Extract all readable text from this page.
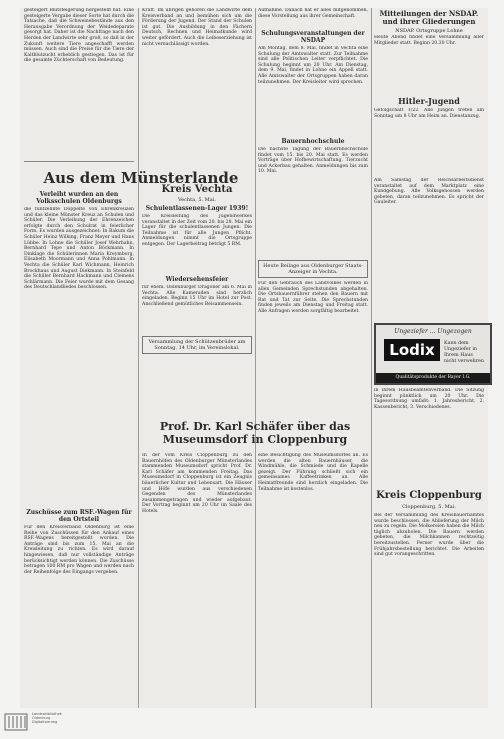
gesteigert Blutsteigerung hergestellt hat. Eine gesteigerte Vergabe dieser Sorte hat durch die Tatsache, daß die Schweinebestände aus den Herausgabe Verordnung der Weidedeparate gesorgt hat. Daher ist die Nachfrage nach den Herden der Landwirte sehr groß, so daß in der Zukunft weitere Tiere angeschafft werden müssen. Auch sind die Preise für die Tiere der Kaltblutzucht erheblich gestiegen. Das ist für die gesamte Züchterschaft von Bedeutung.

Aus dem Münsterlande
Verleiht wurden an den Volksschulen Oldenburgs

die fünfzehnte Doppelte von Ehrenkreuzen und das kleine Münster Kreuz an Schulen und Schüler. Die Verleihung der Ehrenzeichen erfolgte durch den Schulrat in feierlicher Form. Es wurden ausgezeichnet: In Bakum die Schüler Heinz Wilking, Franz Meyer und Hans Lübbe. In Lohne die Schüler Josef Wehrhahn, Bernhard Tepe und Anton Böckmann. In Dinklage die Schülerinnen Maria Kreymborg, Elisabeth Moormann und Anna Pohlmann. In Vechta die Schüler Karl Wichmann, Heinrich Brockhaus und August Diekmann. In Steinfeld die Schüler Bernhard Hackmann und Clemens Schlärmann. Die Feier wurde mit dem Gesang des Deutschlandliedes beschlossen.

Zuschüsse zum RSF.-Wagen für den Ortsteil

Für den Kreisverband Oldenburg ist eine Reihe von Zuschüssen für den Ankauf eines RSF.-Wagens bereitgestellt worden. Die Anträge sind bis zum 15. Mai an die Kreisleitung zu richten. Es wird darauf hingewiesen, daß nur vollständige Anträge berücksichtigt werden können. Die Zuschüsse betragen 100 RM pro Wagen und werden nach der Reihenfolge des Eingangs vergeben.

Kraft. Im übrigen gehören die Landwirte dem Kreisverband an und bemühen sich um die Förderung der Jugend. Der Stand der Schulen ist gut. Die Ausbildung in den Fächern Deutsch, Rechnen und Heimatkunde wird weiter gefördert. Auch die Leibeserziehung ist nicht vernachlässigt worden.

Kreis Vechta
Vechta, 5. Mai.
Schulentlassenen-Lager 1939!

Die Kreisleitung des Jugendwerkes veranstaltet in der Zeit vom 20. bis 28. Mai ein Lager für die schulentlassenen Jungen. Die Teilnahme ist für alle Jungen Pflicht. Anmeldungen nimmt die Ortsgruppe entgegen. Der Lagerbeitrag beträgt 5 RM.

Wiedersehensfeier

für ehem. Oldenburger Dragoner am 6. Mai in Vechta. Alle Kameraden sind herzlich eingeladen. Beginn 15 Uhr im Hotel zur Post. Anschließend gemütliches Beisammensein.

Versammlung der Schützenbrüder am Sonntag, 14 Uhr, im Vereinslokal.
Prof. Dr. Karl Schäfer über das Museumsdorf in Cloppenburg

In der vom Kreis Cloppenburg zu den Bauernhöfen des Oldenburger Münsterlandes stammenden Museumsdorf spricht Prof. Dr. Karl Schäfer am kommenden Freitag. Das Museumsdorf in Cloppenburg ist ein Zeugnis bäuerlicher Kultur und Lebensart. Die Häuser und Höfe wurden aus verschiedenen Gegenden des Münsterlandes zusammengetragen und wieder aufgebaut. Der Vortrag beginnt um 20 Uhr im Saale des Hotels.

Aufnahme. Danach hat er alles mitgenommen, diese Vorstellung aus ihrer Gemeinschaft.

Schulungsveranstaltungen der NSDAP

Am Montag, dem 8. Mai, findet in Vechta eine Schulung der Amtswalter statt. Zur Teilnahme sind alle Politischen Leiter verpflichtet. Die Schulung beginnt um 20 Uhr. Am Dienstag, dem 9. Mai, findet in Lohne ein Appell statt. Alle Amtswalter der Ortsgruppen haben daran teilzunehmen. Der Kreisleiter wird sprechen.

Bauernhochschule

Die nächste Tagung der Bauernhochschule findet vom 15. bis 20. Mai statt. Es werden Vorträge über Hofbewirtschaftung, Tierzucht und Ackerbau gehalten. Anmeldungen bis zum 10. Mai.

Heute Beilage aus Oldenburger Staats-Anzeiger in Vechta.

Für den Gebrauch des Landvolkes werden in allen Gemeinden Sprechstunden abgehalten. Die Ortsbauernführer stehen den Bauern mit Rat und Tat zur Seite. Die Sprechstunden finden jeweils am Dienstag und Freitag statt. Alle Anfragen werden sorgfältig bearbeitet.

eine Besichtigung des Museumsdorfes an. Es werden die alten Bauernhäuser, die Windmühle, die Schmiede und die Kapelle gezeigt. Der Führung schließt sich ein gemeinsames Kaffeetrinken an. Alle Heimatfreunde sind herzlich eingeladen. Die Teilnahme ist kostenlos.

Mitteilungen der NSDAP. und ihrer Gliederungen
NSDAP. Ortsgruppe Lohne

Heute Abend findet eine Versammlung aller Mitglieder statt. Beginn 20.30 Uhr.

Hitler-Jugend

Gefolgschaft 1/22. Alle Jungen treten am Sonntag um 8 Uhr am Heim an. Dienstanzug.

Am Samstag der Reichsarbeitsdienst veranstaltet auf dem Marktplatz eine Kundgebung. Alle Volksgenossen werden gebeten, daran teilzunehmen. Es spricht der Gauleiter.

Ungeziefer ... Ungezogen
Lodix	Kann dem Ungeziefer in Ihrem Haus nicht verwehren
Qualitätsprodukte der Bayer I.G.

in ihrem Hausbeamtenverband. Die Sitzung beginnt pünktlich um 20 Uhr. Die Tagesordnung umfaßt: 1. Jahresbericht, 2. Kassenbericht, 3. Verschiedenes.

Kreis Cloppenburg
Cloppenburg, 5. Mai.

Bei der Versammlung des Kreisbauernamtes wurde beschlossen, die Ablieferung der Milch neu zu regeln. Die Molkereien haben die Milch täglich abzuholen. Die Bauern werden gebeten, die Milchkannen rechtzeitig bereitzustellen. Ferner wurde über die Frühjahrsbestellung berichtet. Die Arbeiten sind gut vorangeschritten.

Landesbibliothek
Oldenburg
Digitalisierung
